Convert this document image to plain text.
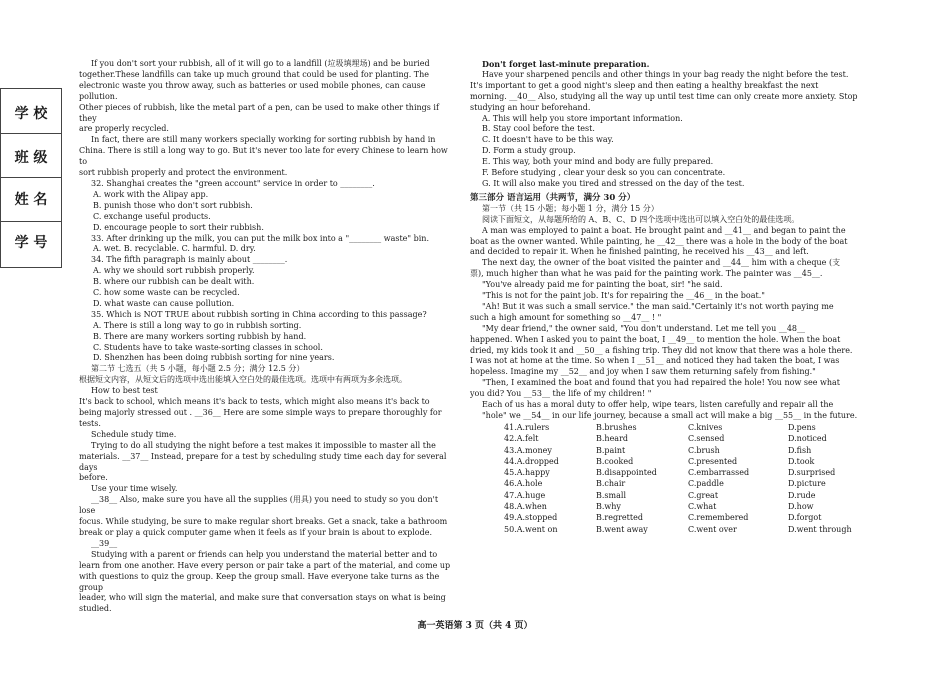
学 校
班 级
姓 名
学 号

If you don't sort your rubbish, all of it will go to a landfill (垃圾填埋场) and be buried

together.These landfills can take up much ground that could be used for planting. The

electronic waste you throw away, such as batteries or used mobile phones, can cause pollution.

Other pieces of rubbish, like the metal part of a pen, can be used to make other things if they

are properly recycled.

In fact, there are still many workers specially working for sorting rubbish by hand in

China. There is still a long way to go. But it's never too late for every Chinese to learn how to

sort rubbish properly and protect the environment.

32. Shanghai creates the "green account" service in order to ________.

A. work with the Alipay app.

B. punish those who don't sort rubbish.

C. exchange useful products.

D. encourage people to sort their rubbish.

33. After drinking up the milk, you can put the milk box into a "________ waste" bin.

A. wet. B. recyclable. C. harmful. D. dry.

34. The fifth paragraph is mainly about ________.

A. why we should sort rubbish properly.

B. where our rubbish can be dealt with.

C. how some waste can be recycled.

D. what waste can cause pollution.

35. Which is NOT TRUE about rubbish sorting in China according to this passage?

A. There is still a long way to go in rubbish sorting.

B. There are many workers sorting rubbish by hand.

C. Students have to take waste-sorting classes in school.

D. Shenzhen has been doing rubbish sorting for nine years.

第二节 七选五（共 5 小题，每小题 2.5 分；满分 12.5 分）

根据短文内容，从短文后的选项中选出能填入空白处的最佳选项。选项中有两项为多余选项。

How to best test

It's back to school, which means it's back to tests, which might also means it's back to

being majorly stressed out . __36__ Here are some simple ways to prepare thoroughly for tests.

Schedule study time.

Trying to do all studying the night before a test makes it impossible to master all the

materials. __37__ Instead, prepare for a test by scheduling study time each day for several days

before.

Use your time wisely.

__38__ Also, make sure you have all the supplies (用具) you need to study so you don't lose

focus. While studying, be sure to make regular short breaks. Get a snack, take a bathroom

break or play a quick computer game when it feels as if your brain is about to explode.

__39__

Studying with a parent or friends can help you understand the material better and to

learn from one another. Have every person or pair take a part of the material, and come up

with questions to quiz the group. Keep the group small. Have everyone take turns as the group

leader, who will sign the material, and make sure that conversation stays on what is being

studied.

Don't forget last-minute preparation.

Have your sharpened pencils and other things in your bag ready the night before the test.

It's important to get a good night's sleep and then eating a healthy breakfast the next

morning. __40__ Also, studying all the way up until test time can only create more anxiety. Stop

studying an hour beforehand.

A. This will help you store important information.

B. Stay cool before the test.

C. It doesn't have to be this way.

D. Form a study group.

E. This way, both your mind and body are fully prepared.

F. Before studying , clear your desk so you can concentrate.

G. It will also make you tired and stressed on the day of the test.

第三部分 语言运用（共两节，满分 30 分）

第一节（共 15 小题；每小题 1 分，满分 15 分）

阅读下面短文，从每题所给的 A、B、C、D 四个选项中选出可以填入空白处的最佳选项。

A man was employed to paint a boat. He brought paint and __41__ and began to paint the

boat as the owner wanted. While painting, he __42__ there was a hole in the body of the boat

and decided to repair it. When he finished painting, he received his __43__ and left.

The next day, the owner of the boat visited the painter and __44__ him with a cheque (支

票), much higher than what he was paid for the painting work. The painter was __45__.

"You've already paid me for painting the boat, sir! "he said.

"This is not for the paint job. It's for repairing the __46__ in the boat."

"Ah! But it was such a small service." the man said."Certainly it's not worth paying me

such a high amount for something so __47__ ! "

"My dear friend," the owner said, "You don't understand. Let me tell you __48__

happened. When I asked you to paint the boat, I __49__ to mention the hole. When the boat

dried, my kids took it and __50__ a fishing trip. They did not know that there was a hole there.

I was not at home at the time. So when I __51__ and noticed they had taken the boat, I was

hopeless. Imagine my __52__ and joy when I saw them returning safely from fishing."

"Then, I examined the boat and found that you had repaired the hole! You now see what

you did? You __53__ the life of my children! "

Each of us has a moral duty to offer help, wipe tears, listen carefully and repair all the

"hole" we __54__ in our life journey, because a small act will make a big __55__ in the future.

41.A.rulers	B.brushes	C.knives	D.pens
42.A.felt	B.heard	C.sensed	D.noticed
43.A.money	B.paint	C.brush	D.fish
44.A.dropped	B.cooked	C.presented	D.took
45.A.happy	B.disappointed	C.embarrassed	D.surprised
46.A.hole	B.chair	C.paddle	D.picture
47.A.huge	B.small	C.great	D.rude
48.A.when	B.why	C.what	D.how
49.A.stopped	B.regretted	C.remembered	D.forgot
50.A.went on	B.went away	C.went over	D.went through
高一英语第 3 页（共 4 页）
